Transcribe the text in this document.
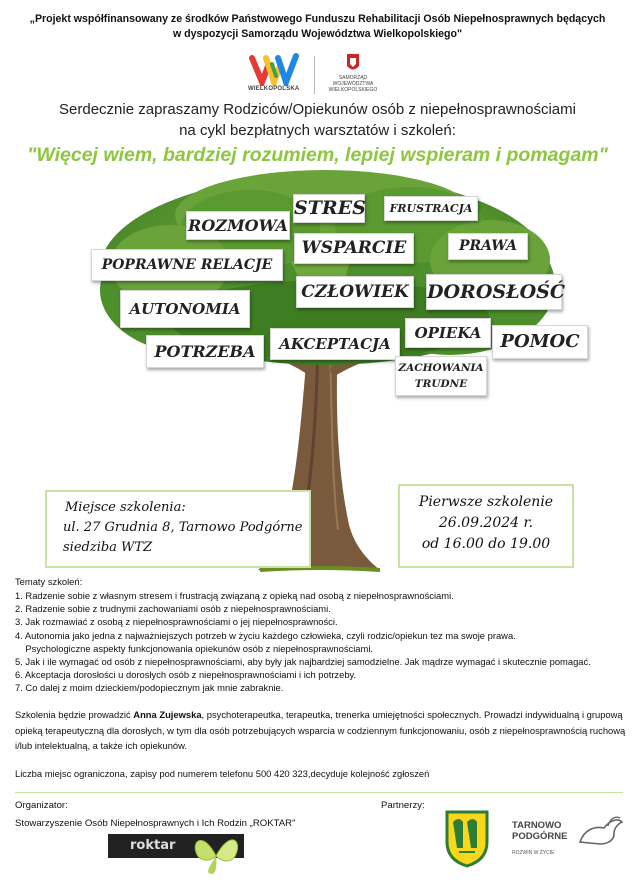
„Projekt współfinansowany ze środków Państwowego Funduszu Rehabilitacji Osób Niepełnosprawnych będących
w dyspozycji Samorządu Województwa Wielkopolskiego"
WIELKOPOLSKA
SAMORZĄD WOJEWÓDZTWA WIELKOPOLSKIEGO
Serdecznie zapraszamy Rodziców/Opiekunów osób z niepełnosprawnościami
na cykl bezpłatnych warsztatów i szkoleń:
"Więcej wiem, bardziej rozumiem, lepiej wspieram i pomagam"
STRES	FRUSTRACJA
ROZMOWA
WSPARCIE	PRAWA
POPRAWNE RELACJE
CZŁOWIEK DOROSŁOŚĆ
AUTONOMIA
OPIEKA	POMOC
AKCEPTACJA
POTRZEBA
ZACHOWANIA
TRUDNE
Miejsce szkolenia:
ul. 27 Grudnia 8, Tarnowo Podgórne
siedziba WTZ
Pierwsze szkolenie
26.09.2024 r.
od 16.00 do 19.00
Tematy szkoleń:
1. Radzenie sobie z własnym stresem i frustracją związaną z opieką nad osobą z niepełnosprawnościami.
2. Radzenie sobie z trudnymi zachowaniami osób z niepełnosprawnościami.
3. Jak rozmawiać z osobą z niepełnosprawnościami o jej niepełnosprawności.
4. Autonomia jako jedna z najważniejszych potrzeb w życiu każdego człowieka, czyli rodzic/opiekun tez ma swoje prawa.
Psychologiczne aspekty funkcjonowania opiekunów osób z niepełnosprawnościami.
5. Jak i ile wymagać od osób z niepełnosprawnościami, aby były jak najbardziej samodzielne. Jak mądrze wymagać i skutecznie pomagać.
6. Akceptacja dorosłości u dorosłych osób z niepełnosprawnościami i ich potrzeby.
7. Co dalej z moim dzieckiem/podopiecznym jak mnie zabraknie.
Szkolenia będzie prowadzić Anna Zujewska, psychoterapeutka, terapeutka, trenerka umiejętności społecznych. Prowadzi indywidualną i grupową opieką terapeutyczną dla dorosłych, w tym dla osób potrzebujących wsparcia w codziennym funkcjonowaniu, osób z niepełnosprawnością ruchową i/lub intelektualną, a także ich opiekunów.
Liczba miejsc ograniczona, zapisy pod numerem telefonu 500 420 323,decyduje kolejność zgłoszeń
Organizator:
Stowarzyszenie Osób Niepełnosprawnych i Ich Rodzin „ROKTAR"
Partnerzy:
roktar
TARNOWO
PODGÓRNE
ROZWIŃ W ŻYCIE
